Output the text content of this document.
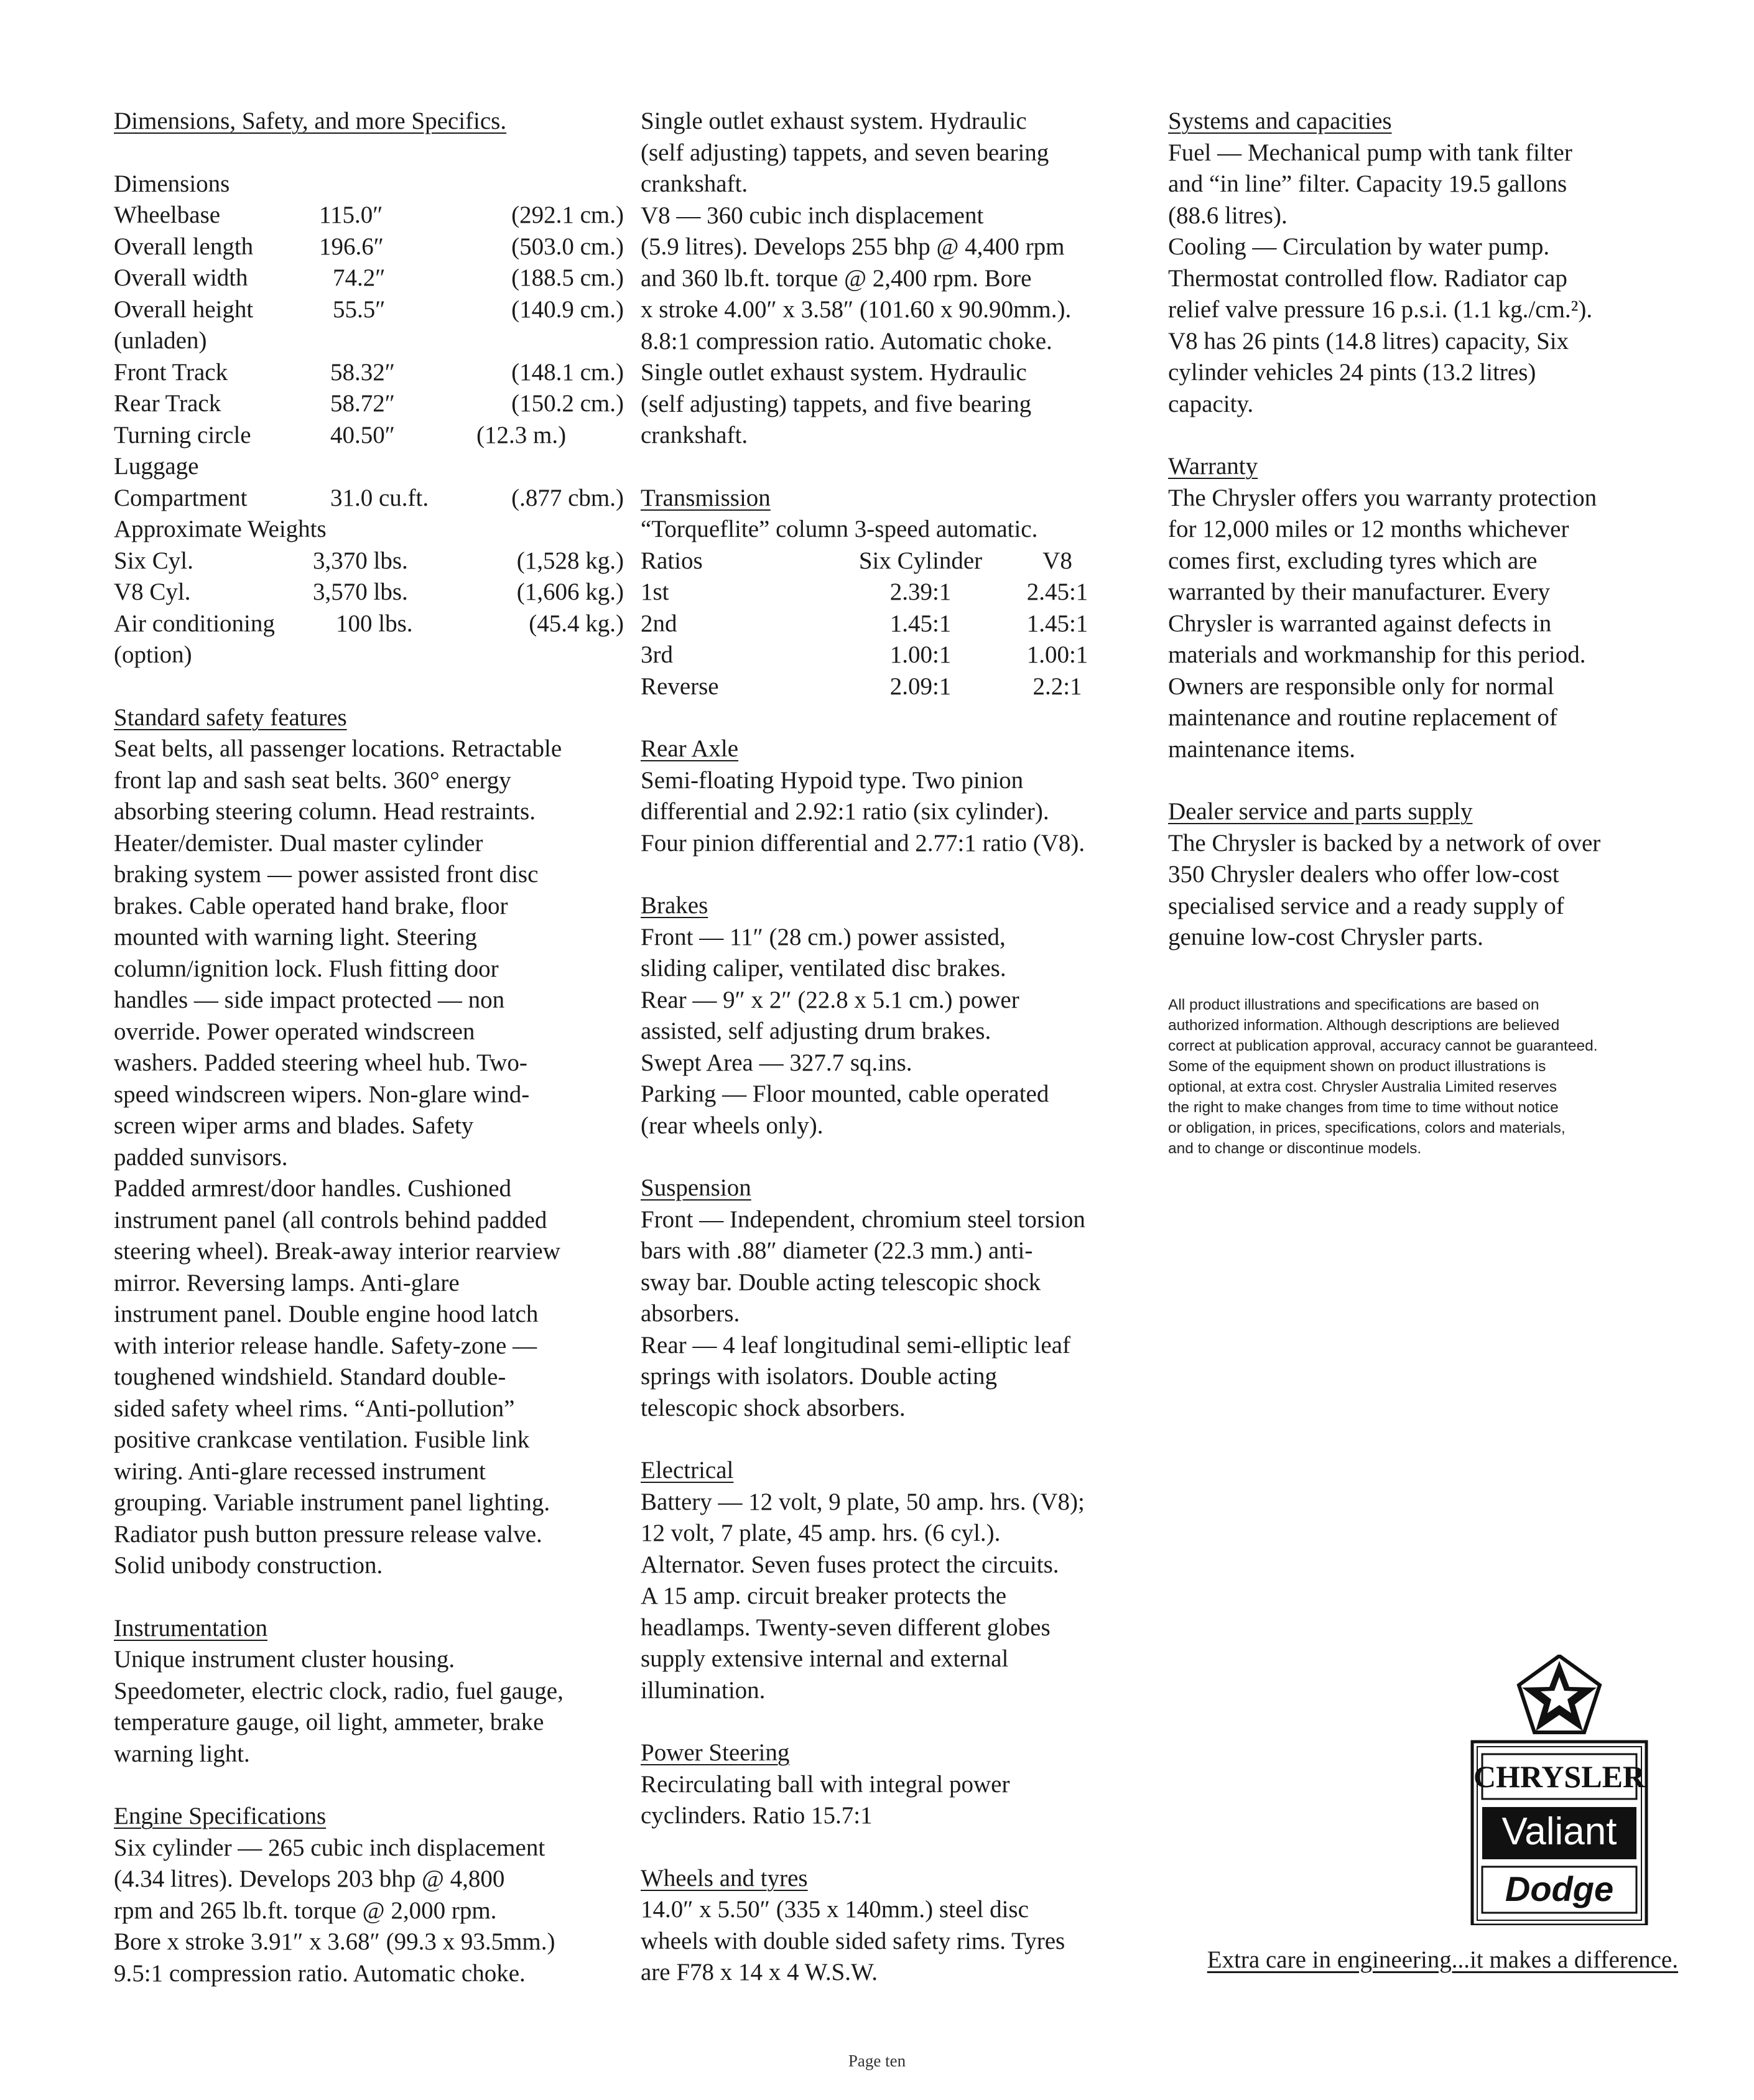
Dimensions, Safety, and more Specifics.
Dimensions
Wheelbase	115.0″	(292.1 cm.)
Overall length	196.6″	(503.0 cm.)
Overall width	74.2″	(188.5 cm.)
Overall height	55.5″	(140.9 cm.)
(unladen)
Front Track	58.32″	(148.1 cm.)
Rear Track	58.72″	(150.2 cm.)
Turning circle	40.50″	(12.3 m.)
Luggage
Compartment	31.0 cu.ft.	(.877 cbm.)
Approximate Weights
Six Cyl.	3,370 lbs.	(1,528 kg.)
V8 Cyl.	3,570 lbs.	(1,606 kg.)
Air conditioning	100 lbs.	(45.4 kg.)
(option)
Standard safety features
Seat belts, all passenger locations. Retractable
front lap and sash seat belts. 360° energy
absorbing steering column. Head restraints.
Heater/demister. Dual master cylinder
braking system — power assisted front disc
brakes. Cable operated hand brake, floor
mounted with warning light. Steering
column/ignition lock. Flush fitting door
handles — side impact protected — non
override. Power operated windscreen
washers. Padded steering wheel hub. Two-
speed windscreen wipers. Non-glare wind-
screen wiper arms and blades. Safety
padded sunvisors.
Padded armrest/door handles. Cushioned
instrument panel (all controls behind padded
steering wheel). Break-away interior rearview
mirror. Reversing lamps. Anti-glare
instrument panel. Double engine hood latch
with interior release handle. Safety-zone —
toughened windshield. Standard double-
sided safety wheel rims. “Anti-pollution”
positive crankcase ventilation. Fusible link
wiring. Anti-glare recessed instrument
grouping. Variable instrument panel lighting.
Radiator push button pressure release valve.
Solid unibody construction.
Instrumentation
Unique instrument cluster housing.
Speedometer, electric clock, radio, fuel gauge,
temperature gauge, oil light, ammeter, brake
warning light.
Engine Specifications
Six cylinder — 265 cubic inch displacement
(4.34 litres). Develops 203 bhp @ 4,800
rpm and 265 lb.ft. torque @ 2,000 rpm.
Bore x stroke 3.91″ x 3.68″ (99.3 x 93.5mm.)
9.5:1 compression ratio. Automatic choke.
Single outlet exhaust system. Hydraulic
(self adjusting) tappets, and seven bearing
crankshaft.
V8 — 360 cubic inch displacement
(5.9 litres). Develops 255 bhp @ 4,400 rpm
and 360 lb.ft. torque @ 2,400 rpm. Bore
x stroke 4.00″ x 3.58″ (101.60 x 90.90mm.).
8.8:1 compression ratio. Automatic choke.
Single outlet exhaust system. Hydraulic
(self adjusting) tappets, and five bearing
crankshaft.
Transmission
“Torqueflite” column 3-speed automatic.
Ratios	Six Cylinder	V8
1st	2.39:1	2.45:1
2nd	1.45:1	1.45:1
3rd	1.00:1	1.00:1
Reverse	2.09:1	2.2:1
Rear Axle
Semi-floating Hypoid type. Two pinion
differential and 2.92:1 ratio (six cylinder).
Four pinion differential and 2.77:1 ratio (V8).
Brakes
Front — 11″ (28 cm.) power assisted,
sliding caliper, ventilated disc brakes.
Rear — 9″ x 2″ (22.8 x 5.1 cm.) power
assisted, self adjusting drum brakes.
Swept Area — 327.7 sq.ins.
Parking — Floor mounted, cable operated
(rear wheels only).
Suspension
Front — Independent, chromium steel torsion
bars with .88″ diameter (22.3 mm.) anti-
sway bar. Double acting telescopic shock
absorbers.
Rear — 4 leaf longitudinal semi-elliptic leaf
springs with isolators. Double acting
telescopic shock absorbers.
Electrical
Battery — 12 volt, 9 plate, 50 amp. hrs. (V8);
12 volt, 7 plate, 45 amp. hrs. (6 cyl.).
Alternator. Seven fuses protect the circuits.
A 15 amp. circuit breaker protects the
headlamps. Twenty-seven different globes
supply extensive internal and external
illumination.
Power Steering
Recirculating ball with integral power
cyclinders. Ratio 15.7:1
Wheels and tyres
14.0″ x 5.50″ (335 x 140mm.) steel disc
wheels with double sided safety rims. Tyres
are F78 x 14 x 4 W.S.W.
Systems and capacities
Fuel — Mechanical pump with tank filter
and “in line” filter. Capacity 19.5 gallons
(88.6 litres).
Cooling — Circulation by water pump.
Thermostat controlled flow. Radiator cap
relief valve pressure 16 p.s.i. (1.1 kg./cm.²).
V8 has 26 pints (14.8 litres) capacity, Six
cylinder vehicles 24 pints (13.2 litres)
capacity.
Warranty
The Chrysler offers you warranty protection
for 12,000 miles or 12 months whichever
comes first, excluding tyres which are
warranted by their manufacturer. Every
Chrysler is warranted against defects in
materials and workmanship for this period.
Owners are responsible only for normal
maintenance and routine replacement of
maintenance items.
Dealer service and parts supply
The Chrysler is backed by a network of over
350 Chrysler dealers who offer low-cost
specialised service and a ready supply of
genuine low-cost Chrysler parts.
All product illustrations and specifications are based on
authorized information. Although descriptions are believed
correct at publication approval, accuracy cannot be guaranteed.
Some of the equipment shown on product illustrations is
optional, at extra cost. Chrysler Australia Limited reserves
the right to make changes from time to time without notice
or obligation, in prices, specifications, colors and materials,
and to change or discontinue models.
CHRYSLER
Valiant
Dodge
Extra care in engineering...it makes a difference.
Page ten
